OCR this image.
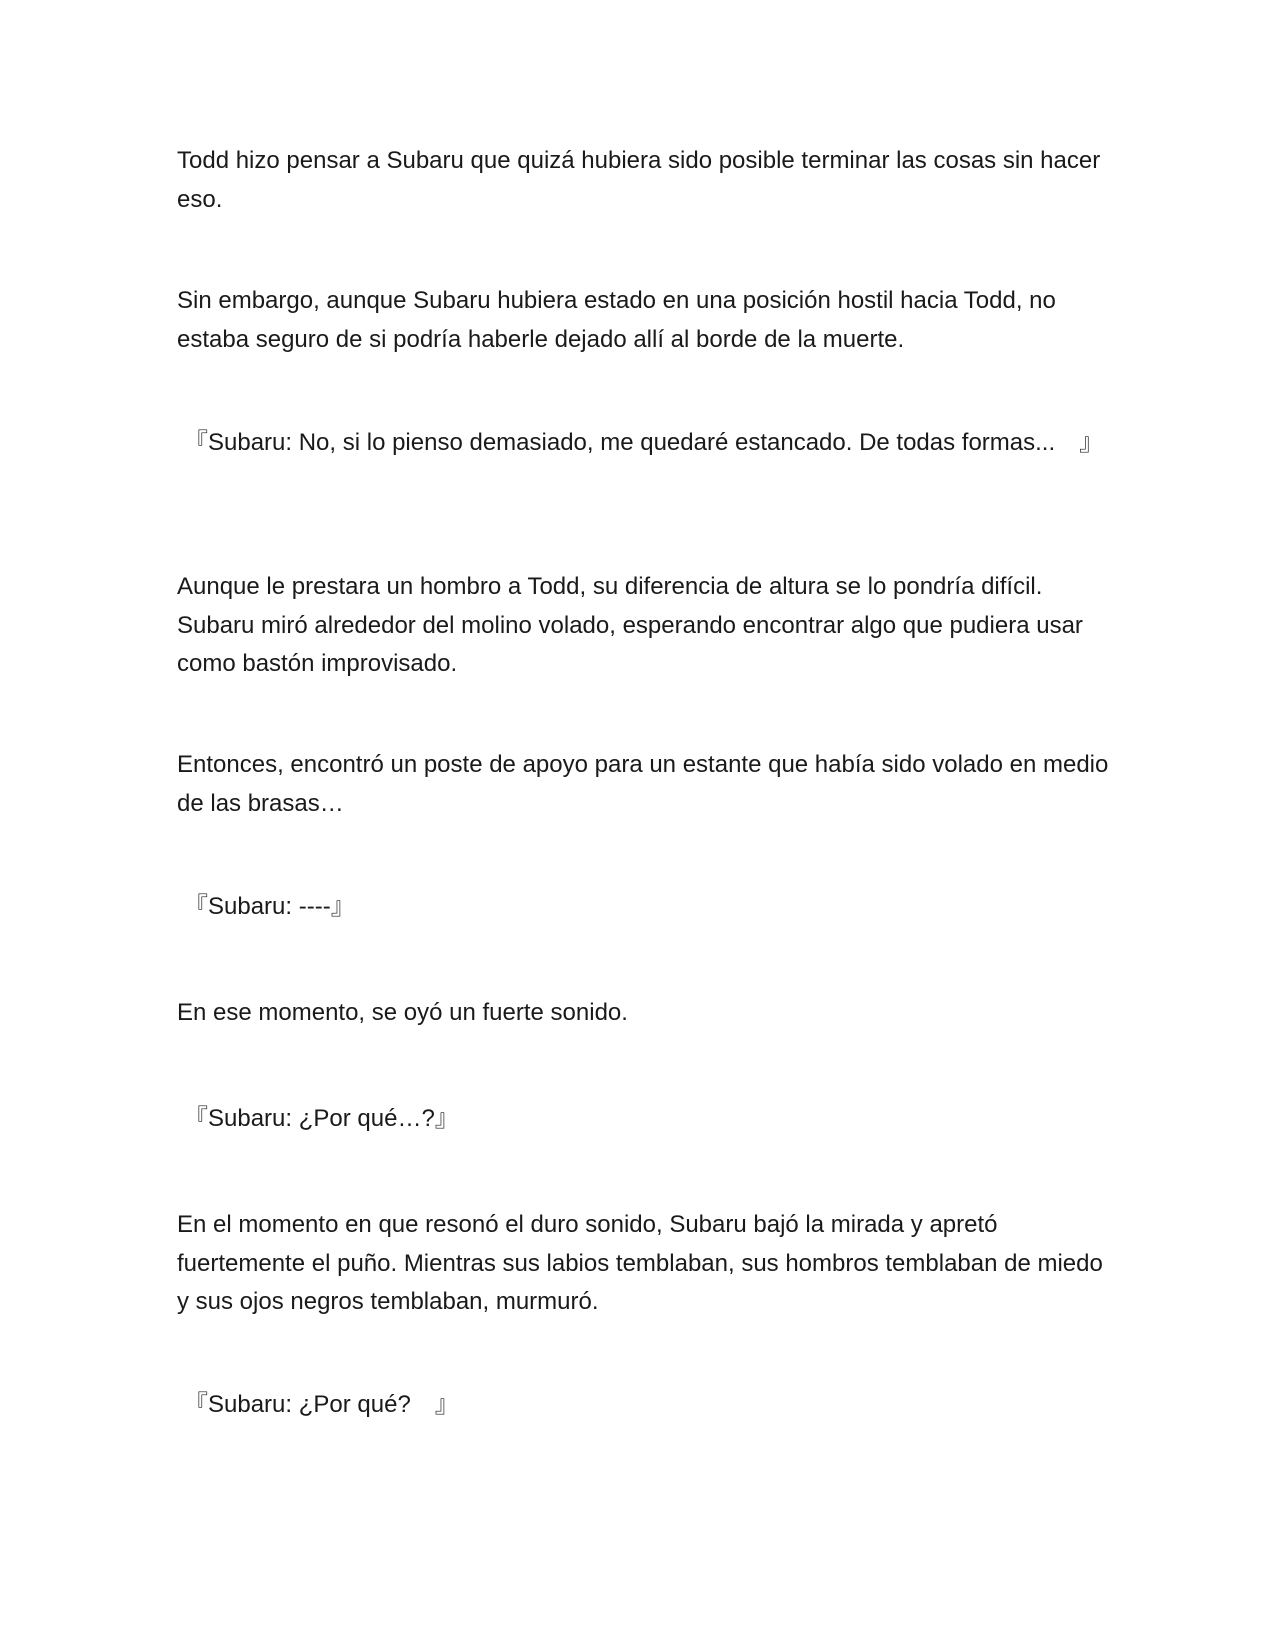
Todd hizo pensar a Subaru que quizá hubiera sido posible terminar las cosas sin hacer eso.

Sin embargo, aunque Subaru hubiera estado en una posición hostil hacia Todd, no estaba seguro de si podría haberle dejado allí al borde de la muerte.

『Subaru: No, si lo pienso demasiado, me quedaré estancado. De todas formas...　』

Aunque le prestara un hombro a Todd, su diferencia de altura se lo pondría difícil. Subaru miró alrededor del molino volado, esperando encontrar algo que pudiera usar como bastón improvisado.

Entonces, encontró un poste de apoyo para un estante que había sido volado en medio de las brasas…

『Subaru: ----』

En ese momento, se oyó un fuerte sonido.

『Subaru: ¿Por qué…?』

En el momento en que resonó el duro sonido, Subaru bajó la mirada y apretó fuertemente el puño. Mientras sus labios temblaban, sus hombros temblaban de miedo y sus ojos negros temblaban, murmuró.

『Subaru: ¿Por qué?　』
